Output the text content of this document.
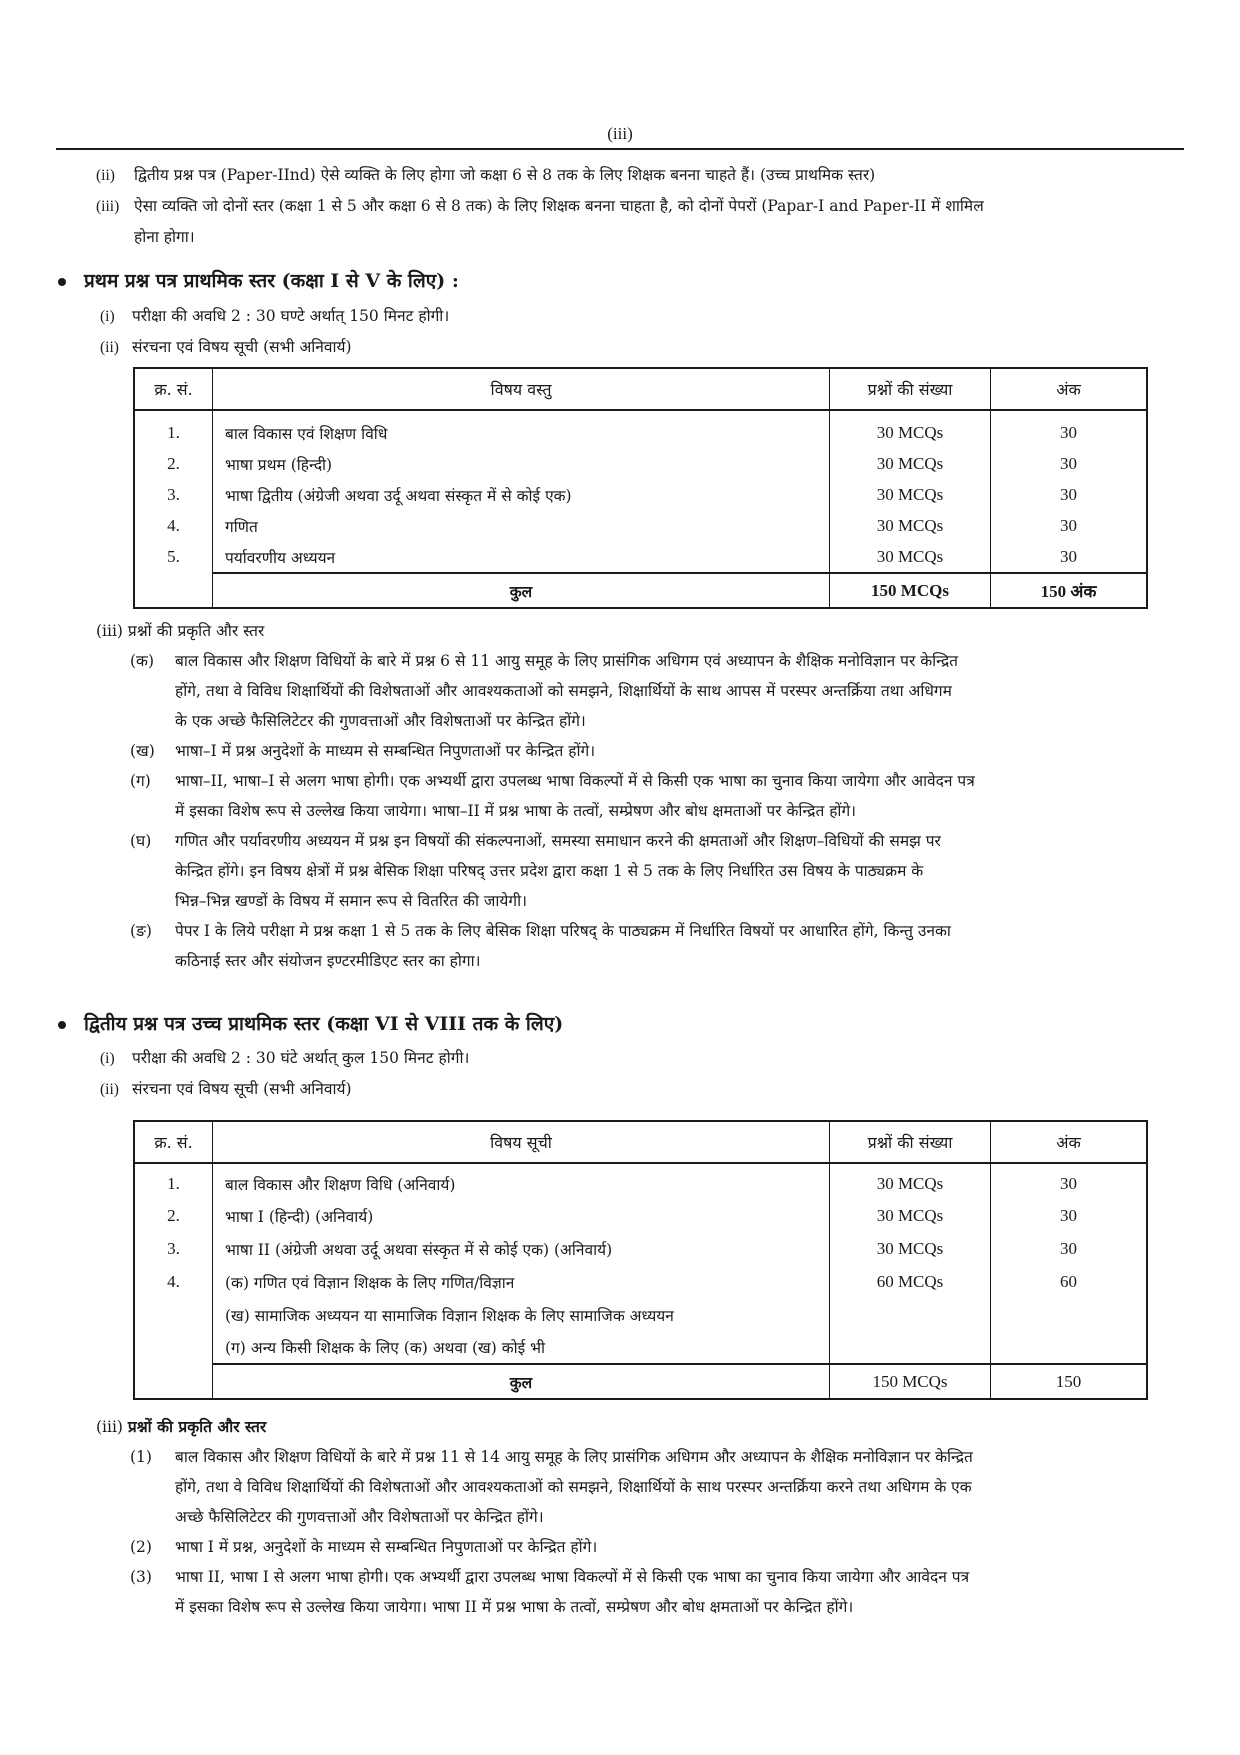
(iii)
(ii) द्वितीय प्रश्न पत्र (Paper-IInd) ऐसे व्यक्ति के लिए होगा जो कक्षा 6 से 8 तक के लिए शिक्षक बनना चाहते हैं। (उच्च प्राथमिक स्तर)
(iii) ऐसा व्यक्ति जो दोनों स्तर (कक्षा 1 से 5 और कक्षा 6 से 8 तक) के लिए शिक्षक बनना चाहता है, को दोनों पेपरों (Papar-I and Paper-II में शामिल
होना होगा।
प्रथम प्रश्न पत्र प्राथमिक स्तर (कक्षा I से V के लिए) :
(i) परीक्षा की अवधि 2 : 30 घण्टे अर्थात् 150 मिनट होगी।
(ii) संरचना एवं विषय सूची (सभी अनिवार्य)
क्र. सं.	विषय वस्तु	प्रश्नों की संख्या	अंक
1.	बाल विकास एवं शिक्षण विधि	30 MCQs	30
2.	भाषा प्रथम (हिन्दी)	30 MCQs	30
3.	भाषा द्वितीय (अंग्रेजी अथवा उर्दू अथवा संस्कृत में से कोई एक)	30 MCQs	30
4.	गणित	30 MCQs	30
5.	पर्यावरणीय अध्ययन	30 MCQs	30
	कुल	150 MCQs	150 अंक
(iii) प्रश्नों की प्रकृति और स्तर
(क) बाल विकास और शिक्षण विधियों के बारे में प्रश्न 6 से 11 आयु समूह के लिए प्रासंगिक अधिगम एवं अध्यापन के शैक्षिक मनोविज्ञान पर केन्द्रित
होंगे, तथा वे विविध शिक्षार्थियों की विशेषताओं और आवश्यकताओं को समझने, शिक्षार्थियों के साथ आपस में परस्पर अन्तर्क्रिया तथा अधिगम
के एक अच्छे फैसिलिटेटर की गुणवत्ताओं और विशेषताओं पर केन्द्रित होंगे।
(ख) भाषा–I में प्रश्न अनुदेशों के माध्यम से सम्बन्धित निपुणताओं पर केन्द्रित होंगे।
(ग) भाषा–II, भाषा–I से अलग भाषा होगी। एक अभ्यर्थी द्वारा उपलब्ध भाषा विकल्पों में से किसी एक भाषा का चुनाव किया जायेगा और आवेदन पत्र
में इसका विशेष रूप से उल्लेख किया जायेगा। भाषा–II में प्रश्न भाषा के तत्वों, सम्प्रेषण और बोध क्षमताओं पर केन्द्रित होंगे।
(घ) गणित और पर्यावरणीय अध्ययन में प्रश्न इन विषयों की संकल्पनाओं, समस्या समाधान करने की क्षमताओं और शिक्षण–विधियों की समझ पर
केन्द्रित होंगे। इन विषय क्षेत्रों में प्रश्न बेसिक शिक्षा परिषद् उत्तर प्रदेश द्वारा कक्षा 1 से 5 तक के लिए निर्धारित उस विषय के पाठ्यक्रम के
भिन्न–भिन्न खण्डों के विषय में समान रूप से वितरित की जायेगी।
(ङ) पेपर I के लिये परीक्षा मे प्रश्न कक्षा 1 से 5 तक के लिए बेसिक शिक्षा परिषद् के पाठ्यक्रम में निर्धारित विषयों पर आधारित होंगे, किन्तु उनका
कठिनाई स्तर और संयोजन इण्टरमीडिएट स्तर का होगा।
द्वितीय प्रश्न पत्र उच्च प्राथमिक स्तर (कक्षा VI से VIII तक के लिए)
(i) परीक्षा की अवधि 2 : 30 घंटे अर्थात् कुल 150 मिनट होगी।
(ii) संरचना एवं विषय सूची (सभी अनिवार्य)
क्र. सं.	विषय सूची	प्रश्नों की संख्या	अंक
1.	बाल विकास और शिक्षण विधि (अनिवार्य)	30 MCQs	30
2.	भाषा I (हिन्दी) (अनिवार्य)	30 MCQs	30
3.	भाषा II (अंग्रेजी अथवा उर्दू अथवा संस्कृत में से कोई एक) (अनिवार्य)	30 MCQs	30
4.	(क) गणित एवं विज्ञान शिक्षक के लिए गणित/विज्ञान	60 MCQs	60
	(ख) सामाजिक अध्ययन या सामाजिक विज्ञान शिक्षक के लिए सामाजिक अध्ययन		
	(ग) अन्य किसी शिक्षक के लिए (क) अथवा (ख) कोई भी		
	कुल	150 MCQs	150
(iii) प्रश्नों की प्रकृति और स्तर
(1) बाल विकास और शिक्षण विधियों के बारे में प्रश्न 11 से 14 आयु समूह के लिए प्रासंगिक अधिगम और अध्यापन के शैक्षिक मनोविज्ञान पर केन्द्रित
होंगे, तथा वे विविध शिक्षार्थियों की विशेषताओं और आवश्यकताओं को समझने, शिक्षार्थियों के साथ परस्पर अन्तर्क्रिया करने तथा अधिगम के एक
अच्छे फैसिलिटेटर की गुणवत्ताओं और विशेषताओं पर केन्द्रित होंगे।
(2) भाषा I में प्रश्न, अनुदेशों के माध्यम से सम्बन्धित निपुणताओं पर केन्द्रित होंगे।
(3) भाषा II, भाषा I से अलग भाषा होगी। एक अभ्यर्थी द्वारा उपलब्ध भाषा विकल्पों में से किसी एक भाषा का चुनाव किया जायेगा और आवेदन पत्र
में इसका विशेष रूप से उल्लेख किया जायेगा। भाषा II में प्रश्न भाषा के तत्वों, सम्प्रेषण और बोध क्षमताओं पर केन्द्रित होंगे।
